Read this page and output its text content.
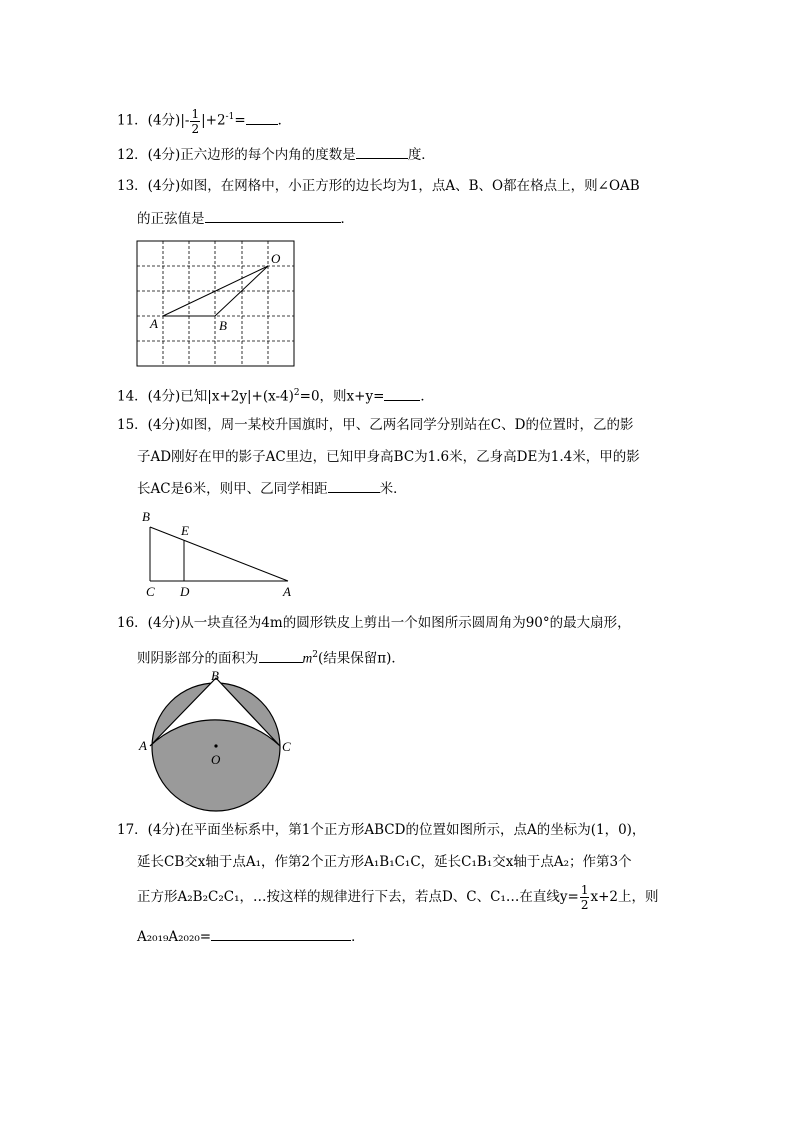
11．(4分)|- $\frac{1}{2} |+2^{-1}=$ ．
12．(4分)正六边形的每个内角的度数是	度．
13．(4分)如图，在网格中，小正方形的边长均为1，点A、B、O都在格点上，则∠OAB
的正弦值是	．
O
A	B
14．(4分)已知$|x+2y|+(x-4)^2=0$，则x+y=	．
15．(4分)如图，周一某校升国旗时，甲、乙两名同学分别站在C、D的位置时，乙的影
子AD刚好在甲的影子AC里边，已知甲身高BC为1.6米，乙身高DE为1.4米，甲的影
长AC是6米，则甲、乙同学相距	米．
B
E
C D	A
16．(4分)从一块直径为4m的圆形铁皮上剪出一个如图所示圆周角为90°的最大扇形，
则阴影部分的面积为	$m^2$(结果保留π)．
B
A	C
O
17．(4分)在平面坐标系中，第1个正方形ABCD的位置如图所示，点A的坐标为(1，0)，
延长CB交x轴于点A₁，作第2个正方形A₁B₁C₁C，延长C₁B₁交x轴于点A₂；作第3个
正方形A₂B₂C₂C₁，…按这样的规律进行下去，若点D、C、C₁…在直线$y= \frac{1}{2} x+2$上，则
A₂₀₁₉A₂₀₂₀=	．
